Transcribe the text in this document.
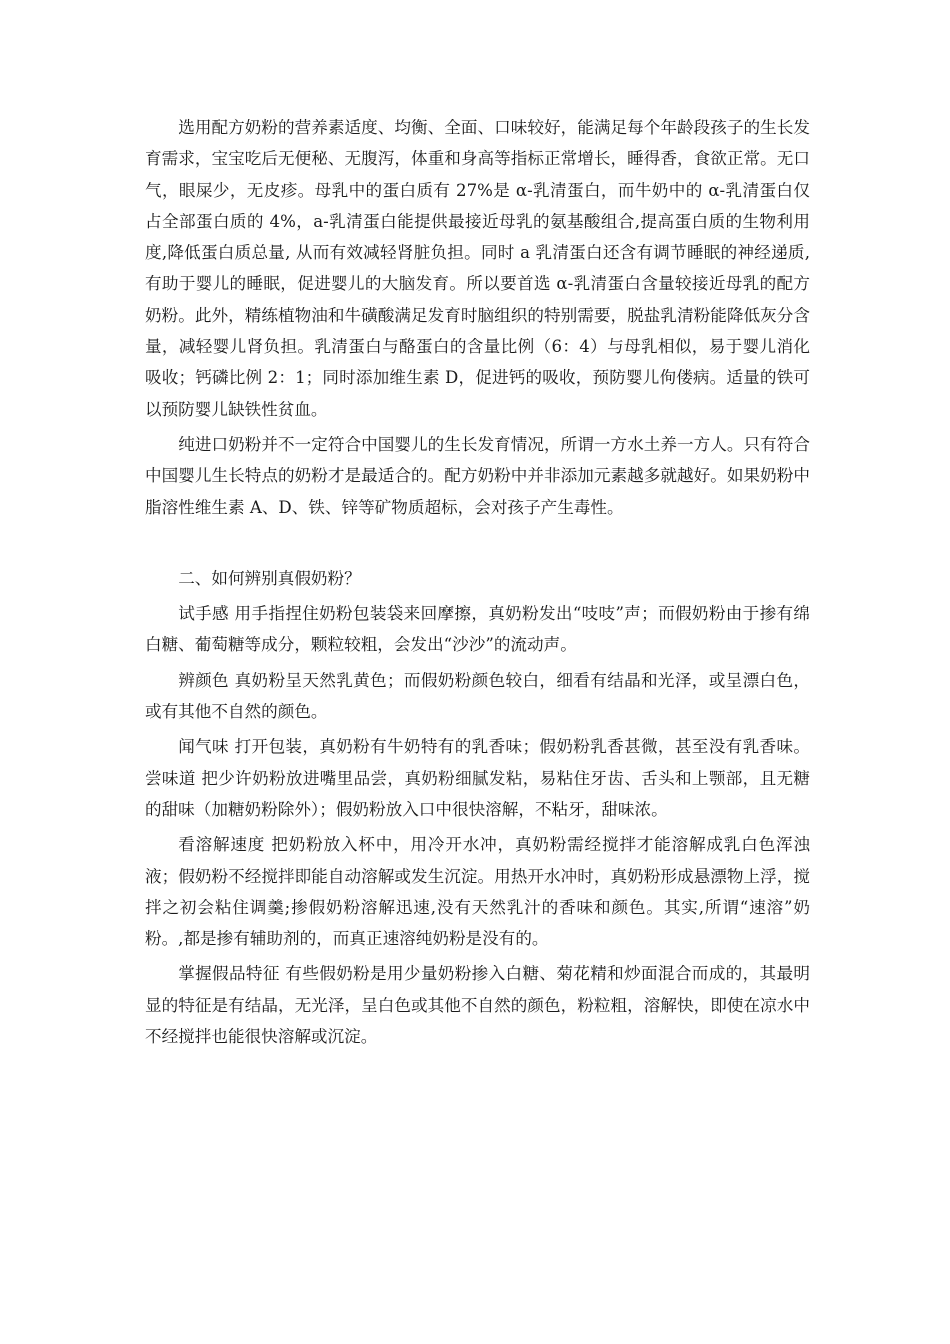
选用配方奶粉的营养素适度、均衡、全面、口味较好，能满足每个年龄段孩子的生长发育需求，宝宝吃后无便秘、无腹泻，体重和身高等指标正常增长，睡得香，食欲正常。无口气，眼屎少，无皮疹。母乳中的蛋白质有 27%是 α-乳清蛋白，而牛奶中的 α-乳清蛋白仅占全部蛋白质的 4%，a-乳清蛋白能提供最接近母乳的氨基酸组合,提高蛋白质的生物利用度,降低蛋白质总量, 从而有效减轻肾脏负担。同时 a 乳清蛋白还含有调节睡眠的神经递质,有助于婴儿的睡眠，促进婴儿的大脑发育。所以要首选 α-乳清蛋白含量较接近母乳的配方奶粉。此外，精练植物油和牛磺酸满足发育时脑组织的特别需要，脱盐乳清粉能降低灰分含量，减轻婴儿肾负担。乳清蛋白与酪蛋白的含量比例（6：4）与母乳相似，易于婴儿消化吸收；钙磷比例 2：1；同时添加维生素 D，促进钙的吸收，预防婴儿佝偻病。适量的铁可以预防婴儿缺铁性贫血。

纯进口奶粉并不一定符合中国婴儿的生长发育情况，所谓一方水土养一方人。只有符合中国婴儿生长特点的奶粉才是最适合的。配方奶粉中并非添加元素越多就越好。如果奶粉中脂溶性维生素 A、D、铁、锌等矿物质超标，会对孩子产生毒性。

二、如何辨别真假奶粉？

试手感 用手指捏住奶粉包装袋来回摩擦，真奶粉发出“吱吱”声；而假奶粉由于掺有绵白糖、葡萄糖等成分，颗粒较粗，会发出“沙沙”的流动声。

辨颜色 真奶粉呈天然乳黄色；而假奶粉颜色较白，细看有结晶和光泽，或呈漂白色，或有其他不自然的颜色。

闻气味 打开包装，真奶粉有牛奶特有的乳香味；假奶粉乳香甚微，甚至没有乳香味。尝味道 把少许奶粉放进嘴里品尝，真奶粉细腻发粘，易粘住牙齿、舌头和上颚部，且无糖的甜味（加糖奶粉除外）；假奶粉放入口中很快溶解，不粘牙，甜味浓。

看溶解速度 把奶粉放入杯中，用冷开水冲，真奶粉需经搅拌才能溶解成乳白色浑浊液；假奶粉不经搅拌即能自动溶解或发生沉淀。用热开水冲时，真奶粉形成悬漂物上浮，搅拌之初会粘住调羹;掺假奶粉溶解迅速,没有天然乳汁的香味和颜色。其实,所谓“速溶”奶粉。,都是掺有辅助剂的，而真正速溶纯奶粉是没有的。

掌握假品特征 有些假奶粉是用少量奶粉掺入白糖、菊花精和炒面混合而成的，其最明显的特征是有结晶，无光泽，呈白色或其他不自然的颜色，粉粒粗，溶解快，即使在凉水中不经搅拌也能很快溶解或沉淀。
